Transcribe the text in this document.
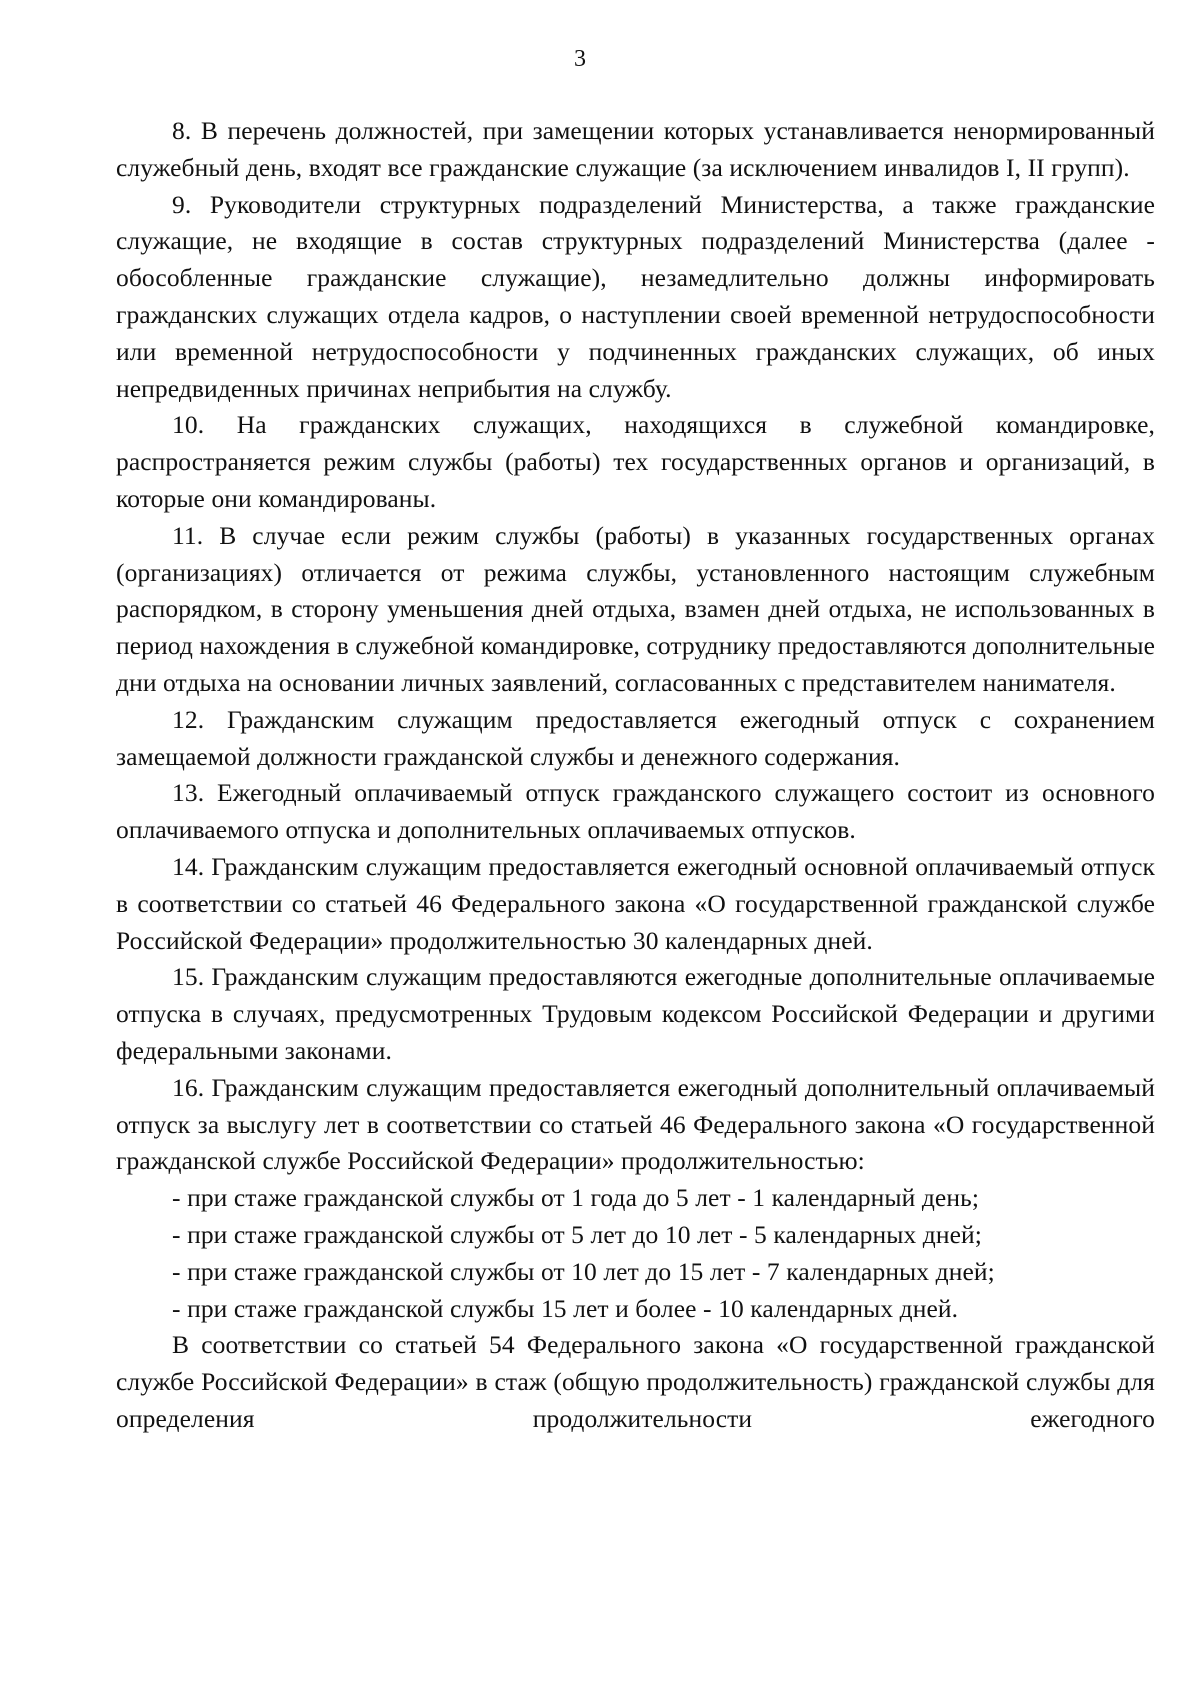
3

8. В перечень должностей, при замещении которых устанавливается ненормированный служебный день, входят все гражданские служащие (за исключением инвалидов I, II групп).

9. Руководители структурных подразделений Министерства, а также гражданские служащие, не входящие в состав структурных подразделений Министерства (далее - обособленные гражданские служащие), незамедлительно должны информировать гражданских служащих отдела кадров, о наступлении своей временной нетрудоспособности или временной нетрудоспособности у подчиненных гражданских служащих, об иных непредвиденных причинах неприбытия на службу.

10. На гражданских служащих, находящихся в служебной командировке, распространяется режим службы (работы) тех государственных органов и организаций, в которые они командированы.

11. В случае если режим службы (работы) в указанных государственных органах (организациях) отличается от режима службы, установленного настоящим служебным распорядком, в сторону уменьшения дней отдыха, взамен дней отдыха, не использованных в период нахождения в служебной командировке, сотруднику предоставляются дополнительные дни отдыха на основании личных заявлений, согласованных с представителем нанимателя.

12. Гражданским служащим предоставляется ежегодный отпуск с сохранением замещаемой должности гражданской службы и денежного содержания.

13. Ежегодный оплачиваемый отпуск гражданского служащего состоит из основного оплачиваемого отпуска и дополнительных оплачиваемых отпусков.

14. Гражданским служащим предоставляется ежегодный основной оплачиваемый отпуск в соответствии со статьей 46 Федерального закона «О государственной гражданской службе Российской Федерации» продолжительностью 30 календарных дней.

15. Гражданским служащим предоставляются ежегодные дополнительные оплачиваемые отпуска в случаях, предусмотренных Трудовым кодексом Российской Федерации и другими федеральными законами.

16. Гражданским служащим предоставляется ежегодный дополнительный оплачиваемый отпуск за выслугу лет в соответствии со статьей 46 Федерального закона «О государственной гражданской службе Российской Федерации» продолжительностью:

- при стаже гражданской службы от 1 года до 5 лет - 1 календарный день;

- при стаже гражданской службы от 5 лет до 10 лет - 5 календарных дней;

- при стаже гражданской службы от 10 лет до 15 лет - 7 календарных дней;

- при стаже гражданской службы 15 лет и более - 10 календарных дней.

В соответствии со статьей 54 Федерального закона «О государственной гражданской службе Российской Федерации» в стаж (общую продолжительность) гражданской службы для определения продолжительности ежегодного
